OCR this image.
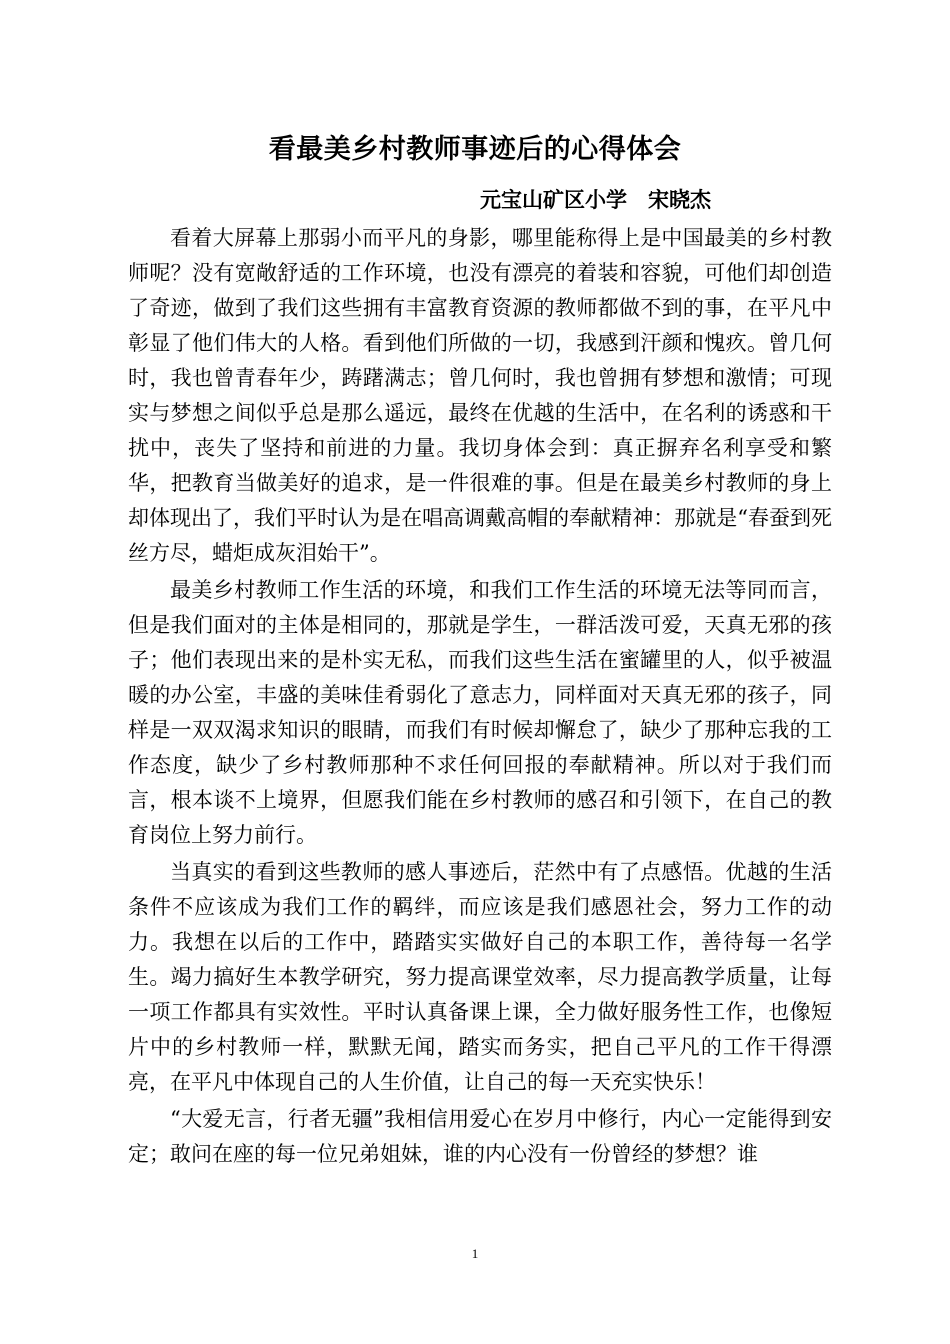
看最美乡村教师事迹后的心得体会
元宝山矿区小学　宋晓杰

看着大屏幕上那弱小而平凡的身影，哪里能称得上是中国最美的乡村教师呢？没有宽敞舒适的工作环境，也没有漂亮的着装和容貌，可他们却创造了奇迹，做到了我们这些拥有丰富教育资源的教师都做不到的事，在平凡中彰显了他们伟大的人格。看到他们所做的一切，我感到汗颜和愧疚。曾几何时，我也曾青春年少，踌躇满志；曾几何时，我也曾拥有梦想和激情；可现实与梦想之间似乎总是那么遥远，最终在优越的生活中，在名利的诱惑和干扰中，丧失了坚持和前进的力量。我切身体会到：真正摒弃名利享受和繁华，把教育当做美好的追求，是一件很难的事。但是在最美乡村教师的身上却体现出了，我们平时认为是在唱高调戴高帽的奉献精神：那就是“春蚕到死丝方尽，蜡炬成灰泪始干”。

最美乡村教师工作生活的环境，和我们工作生活的环境无法等同而言，但是我们面对的主体是相同的，那就是学生，一群活泼可爱，天真无邪的孩子；他们表现出来的是朴实无私，而我们这些生活在蜜罐里的人，似乎被温暖的办公室，丰盛的美味佳肴弱化了意志力，同样面对天真无邪的孩子，同样是一双双渴求知识的眼睛，而我们有时候却懈怠了，缺少了那种忘我的工作态度，缺少了乡村教师那种不求任何回报的奉献精神。所以对于我们而言，根本谈不上境界，但愿我们能在乡村教师的感召和引领下，在自己的教育岗位上努力前行。

当真实的看到这些教师的感人事迹后，茫然中有了点感悟。优越的生活条件不应该成为我们工作的羁绊，而应该是我们感恩社会，努力工作的动力。我想在以后的工作中，踏踏实实做好自己的本职工作，善待每一名学生。竭力搞好生本教学研究，努力提高课堂效率，尽力提高教学质量，让每一项工作都具有实效性。平时认真备课上课，全力做好服务性工作，也像短片中的乡村教师一样，默默无闻，踏实而务实，把自己平凡的工作干得漂亮，在平凡中体现自己的人生价值，让自己的每一天充实快乐！

“大爱无言，行者无疆”我相信用爱心在岁月中修行，内心一定能得到安定；敢问在座的每一位兄弟姐妹，谁的内心没有一份曾经的梦想？谁

1
